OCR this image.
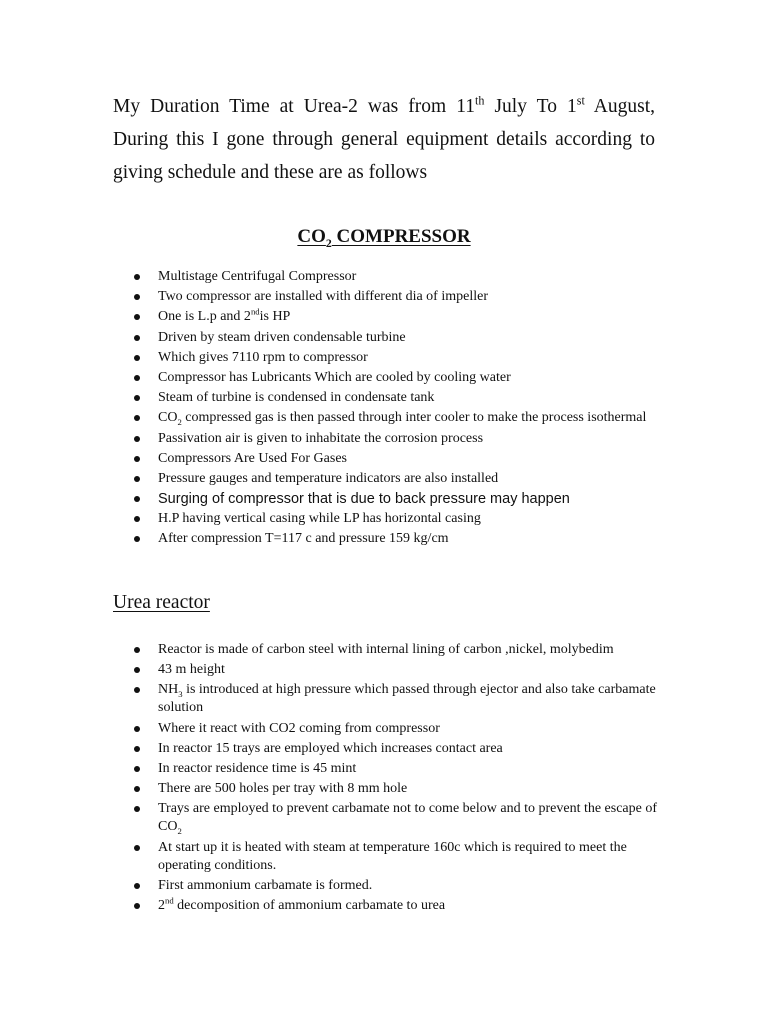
My Duration Time at Urea-2 was from 11th July To 1st August, During this I gone through general equipment details according to giving schedule and these are as follows

$CO_2$ COMPRESSOR
Multistage Centrifugal Compressor
Two compressor are installed with different dia of impeller
One is L.p and 2ndis HP
Driven by steam driven condensable turbine
Which gives 7110 rpm to compressor
Compressor has Lubricants Which are cooled by cooling water
Steam of turbine is condensed in condensate tank
$CO_2$ compressed gas is then passed through inter cooler to make the process isothermal
Passivation air is given to inhabitate the corrosion process
Compressors Are Used For Gases
Pressure gauges and temperature indicators are also installed
Surging of compressor that is due to back pressure may happen
H.P having vertical casing while LP has horizontal casing
After compression T=117 c and pressure 159 kg/cm
Urea reactor
Reactor is made of carbon steel with internal lining of carbon ,nickel, molybedim
43 m height
$NH_3$ is introduced at high pressure which passed through ejector and also take carbamate solution
Where it react with CO2 coming from compressor
In reactor 15 trays are employed which increases contact area
In reactor residence time is 45 mint
There are 500 holes per tray with 8 mm hole
Trays are employed to prevent carbamate not to come below and to prevent the escape of $CO_2$
At start up it is heated with steam at temperature 160c which is required to meet the operating conditions.
First ammonium carbamate is formed.
2nd decomposition of ammonium carbamate to urea
